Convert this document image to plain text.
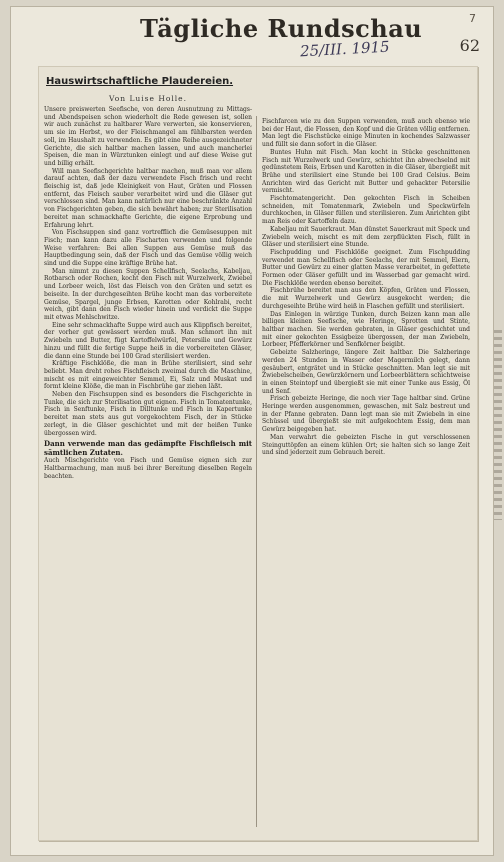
Tägliche Rundschau	7
62
25/III. 1915
Hauswirtschaftliche Plaudereien.
Von Luise Holle.

Unsere preiswerten Seefische, von deren Ausnutzung zu Mittags- und Abendspeisen schon wiederholt die Rede gewesen ist, sollen wir auch zunächst zu haltbarer Ware verwerten, sie konservieren, um sie im Herbst, wo der Fleischmangel am fühlbarsten werden soll, im Haushalt zu verwenden. Es gibt eine Reihe ausgezeichneter Gerichte, die sich haltbar machen lassen, und auch mancherlei Speisen, die man in Würztunken einlegt und auf diese Weise gut und billig erhält.

Will man Seefischgerichte haltbar machen, muß man vor allem darauf achten, daß der dazu verwendete Fisch frisch und recht fleischig ist, daß jede Kleinigkeit von Haut, Gräten und Flossen entfernt, das Fleisch sauber verarbeitet wird und die Gläser gut verschlossen sind. Man kann natürlich nur eine beschränkte Anzahl von Fischgerichten geben, die sich bewährt haben; zur Sterilisation bereitet man schmackhafte Gerichte, die eigene Erprobung und Erfahrung lehrt.

Von Fischsuppen sind ganz vortrefflich die Gemüsesuppen mit Fisch; man kann dazu alle Fischarten verwenden und folgende Weise verfahren: Bei allen Suppen aus Gemüse muß das Hauptbedingung sein, daß der Fisch und das Gemüse völlig weich sind und die Suppe eine kräftige Brühe hat.

Man nimmt zu diesen Suppen Schellfisch, Seelachs, Kabeljau, Rotbarsch oder Rochen, kocht den Fisch mit Wurzelwerk, Zwiebel und Lorbeer weich, löst das Fleisch von den Gräten und setzt es beiseite. In der durchgeseihten Brühe kocht man das vorbereitete Gemüse, Spargel, junge Erbsen, Karotten oder Kohlrabi, recht weich, gibt dann den Fisch wieder hinein und verdickt die Suppe mit etwas Mehlschwitze.

Eine sehr schmackhafte Suppe wird auch aus Klippfisch bereitet, der vorher gut gewässert werden muß. Man schmort ihn mit Zwiebeln und Butter, fügt Kartoffelwürfel, Petersilie und Gewürz hinzu und füllt die fertige Suppe heiß in die vorbereiteten Gläser, die dann eine Stunde bei 100 Grad sterilisiert werden.

Kräftige Fischklöße, die man in Brühe sterilisiert, sind sehr beliebt. Man dreht rohes Fischfleisch zweimal durch die Maschine, mischt es mit eingeweichter Semmel, Ei, Salz und Muskat und formt kleine Klöße, die man in Fischbrühe gar ziehen läßt.

Neben den Fischsuppen sind es besonders die Fischgerichte in Tunke, die sich zur Sterilisation gut eignen. Fisch in Tomatentunke, Fisch in Senftunke, Fisch in Dilltunke und Fisch in Kapertunke bereitet man stets aus gut vorgekochtem Fisch, der in Stücke zerlegt, in die Gläser geschichtet und mit der heißen Tunke übergossen wird.

Dann verwende man das gedämpfte Fischfleisch mit sämtlichen Zutaten.

Auch Mischgerichte von Fisch und Gemüse eignen sich zur Haltbarmachung, man muß bei ihrer Bereitung dieselben Regeln beachten.

Fischfarcen wie zu den Suppen verwenden, muß auch ebenso wie bei der Haut, die Flossen, den Kopf und die Gräten völlig entfernen. Man legt die Fischstücke einige Minuten in kochendes Salzwasser und füllt sie dann sofort in die Gläser.

Buntes Huhn mit Fisch. Man kocht in Stücke geschnittenen Fisch mit Wurzelwerk und Gewürz, schichtet ihn abwechselnd mit gedünstetem Reis, Erbsen und Karotten in die Gläser, übergießt mit Brühe und sterilisiert eine Stunde bei 100 Grad Celsius. Beim Anrichten wird das Gericht mit Butter und gehackter Petersilie vermischt.

Fischtomatengericht. Den gekochten Fisch in Scheiben schneiden, mit Tomatenmark, Zwiebeln und Speckwürfeln durchkochen, in Gläser füllen und sterilisieren. Zum Anrichten gibt man Reis oder Kartoffeln dazu.

Kabeljau mit Sauerkraut. Man dünstet Sauerkraut mit Speck und Zwiebeln weich, mischt es mit dem zerpflückten Fisch, füllt in Gläser und sterilisiert eine Stunde.

Fischpudding und Fischklöße geeignet. Zum Fischpudding verwendet man Schellfisch oder Seelachs, der mit Semmel, Eiern, Butter und Gewürz zu einer glatten Masse verarbeitet, in gefettete Formen oder Gläser gefüllt und im Wasserbad gar gemacht wird. Die Fischklöße werden ebenso bereitet.

Fischbrühe bereitet man aus den Köpfen, Gräten und Flossen, die mit Wurzelwerk und Gewürz ausgekocht werden; die durchgeseihte Brühe wird heiß in Flaschen gefüllt und sterilisiert.

Das Einlegen in würzige Tunken, durch Beizen kann man alle billigen kleinen Seefische, wie Heringe, Sprotten und Stinte, haltbar machen. Sie werden gebraten, in Gläser geschichtet und mit einer gekochten Essigbeize übergossen, der man Zwiebeln, Lorbeer, Pfefferkörner und Senfkörner beigibt.

Gebeizte Salzheringe, längere Zeit haltbar. Die Salzheringe werden 24 Stunden in Wasser oder Magermilch gelegt, dann gesäubert, entgrätet und in Stücke geschnitten. Man legt sie mit Zwiebelscheiben, Gewürzkörnern und Lorbeerblättern schichtweise in einen Steintopf und übergießt sie mit einer Tunke aus Essig, Öl und Senf.

Frisch gebeizte Heringe, die noch vier Tage haltbar sind. Grüne Heringe werden ausgenommen, gewaschen, mit Salz bestreut und in der Pfanne gebraten. Dann legt man sie mit Zwiebeln in eine Schüssel und übergießt sie mit aufgekochtem Essig, dem man Gewürz beigegeben hat.

Man verwahrt die gebeizten Fische in gut verschlossenen Steinguttöpfen an einem kühlen Ort; sie halten sich so lange Zeit und sind jederzeit zum Gebrauch bereit.
